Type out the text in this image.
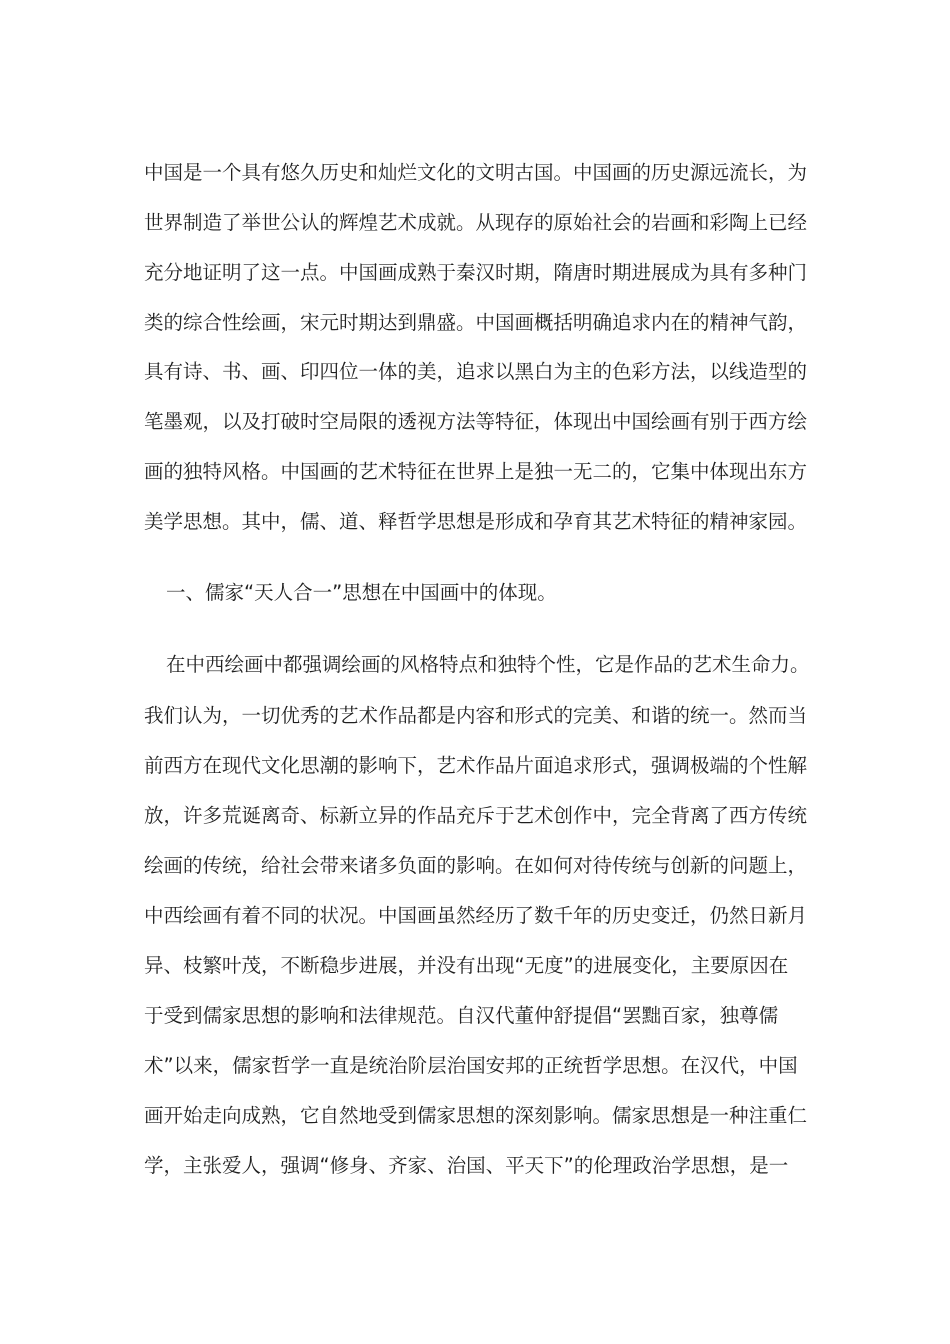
中国是一个具有悠久历史和灿烂文化的文明古国。中国画的历史源远流长，为
世界制造了举世公认的辉煌艺术成就。从现存的原始社会的岩画和彩陶上已经
充分地证明了这一点。中国画成熟于秦汉时期，隋唐时期进展成为具有多种门
类的综合性绘画，宋元时期达到鼎盛。中国画概括明确追求内在的精神气韵，
具有诗、书、画、印四位一体的美，追求以黑白为主的色彩方法，以线造型的
笔墨观，以及打破时空局限的透视方法等特征，体现出中国绘画有别于西方绘
画的独特风格。中国画的艺术特征在世界上是独一无二的，它集中体现出东方
美学思想。其中，儒、道、释哲学思想是形成和孕育其艺术特征的精神家园。
一、儒家“天人合一”思想在中国画中的体现。
在中西绘画中都强调绘画的风格特点和独特个性，它是作品的艺术生命力。
我们认为，一切优秀的艺术作品都是内容和形式的完美、和谐的统一。然而当
前西方在现代文化思潮的影响下，艺术作品片面追求形式，强调极端的个性解
放，许多荒诞离奇、标新立异的作品充斥于艺术创作中，完全背离了西方传统
绘画的传统，给社会带来诸多负面的影响。在如何对待传统与创新的问题上，
中西绘画有着不同的状况。中国画虽然经历了数千年的历史变迁，仍然日新月
异、枝繁叶茂，不断稳步进展，并没有出现“无度”的进展变化，主要原因在
于受到儒家思想的影响和法律规范。自汉代董仲舒提倡“罢黜百家，独尊儒
术”以来，儒家哲学一直是统治阶层治国安邦的正统哲学思想。在汉代，中国
画开始走向成熟，它自然地受到儒家思想的深刻影响。儒家思想是一种注重仁
学，主张爱人，强调“修身、齐家、治国、平天下”的伦理政治学思想，是一
